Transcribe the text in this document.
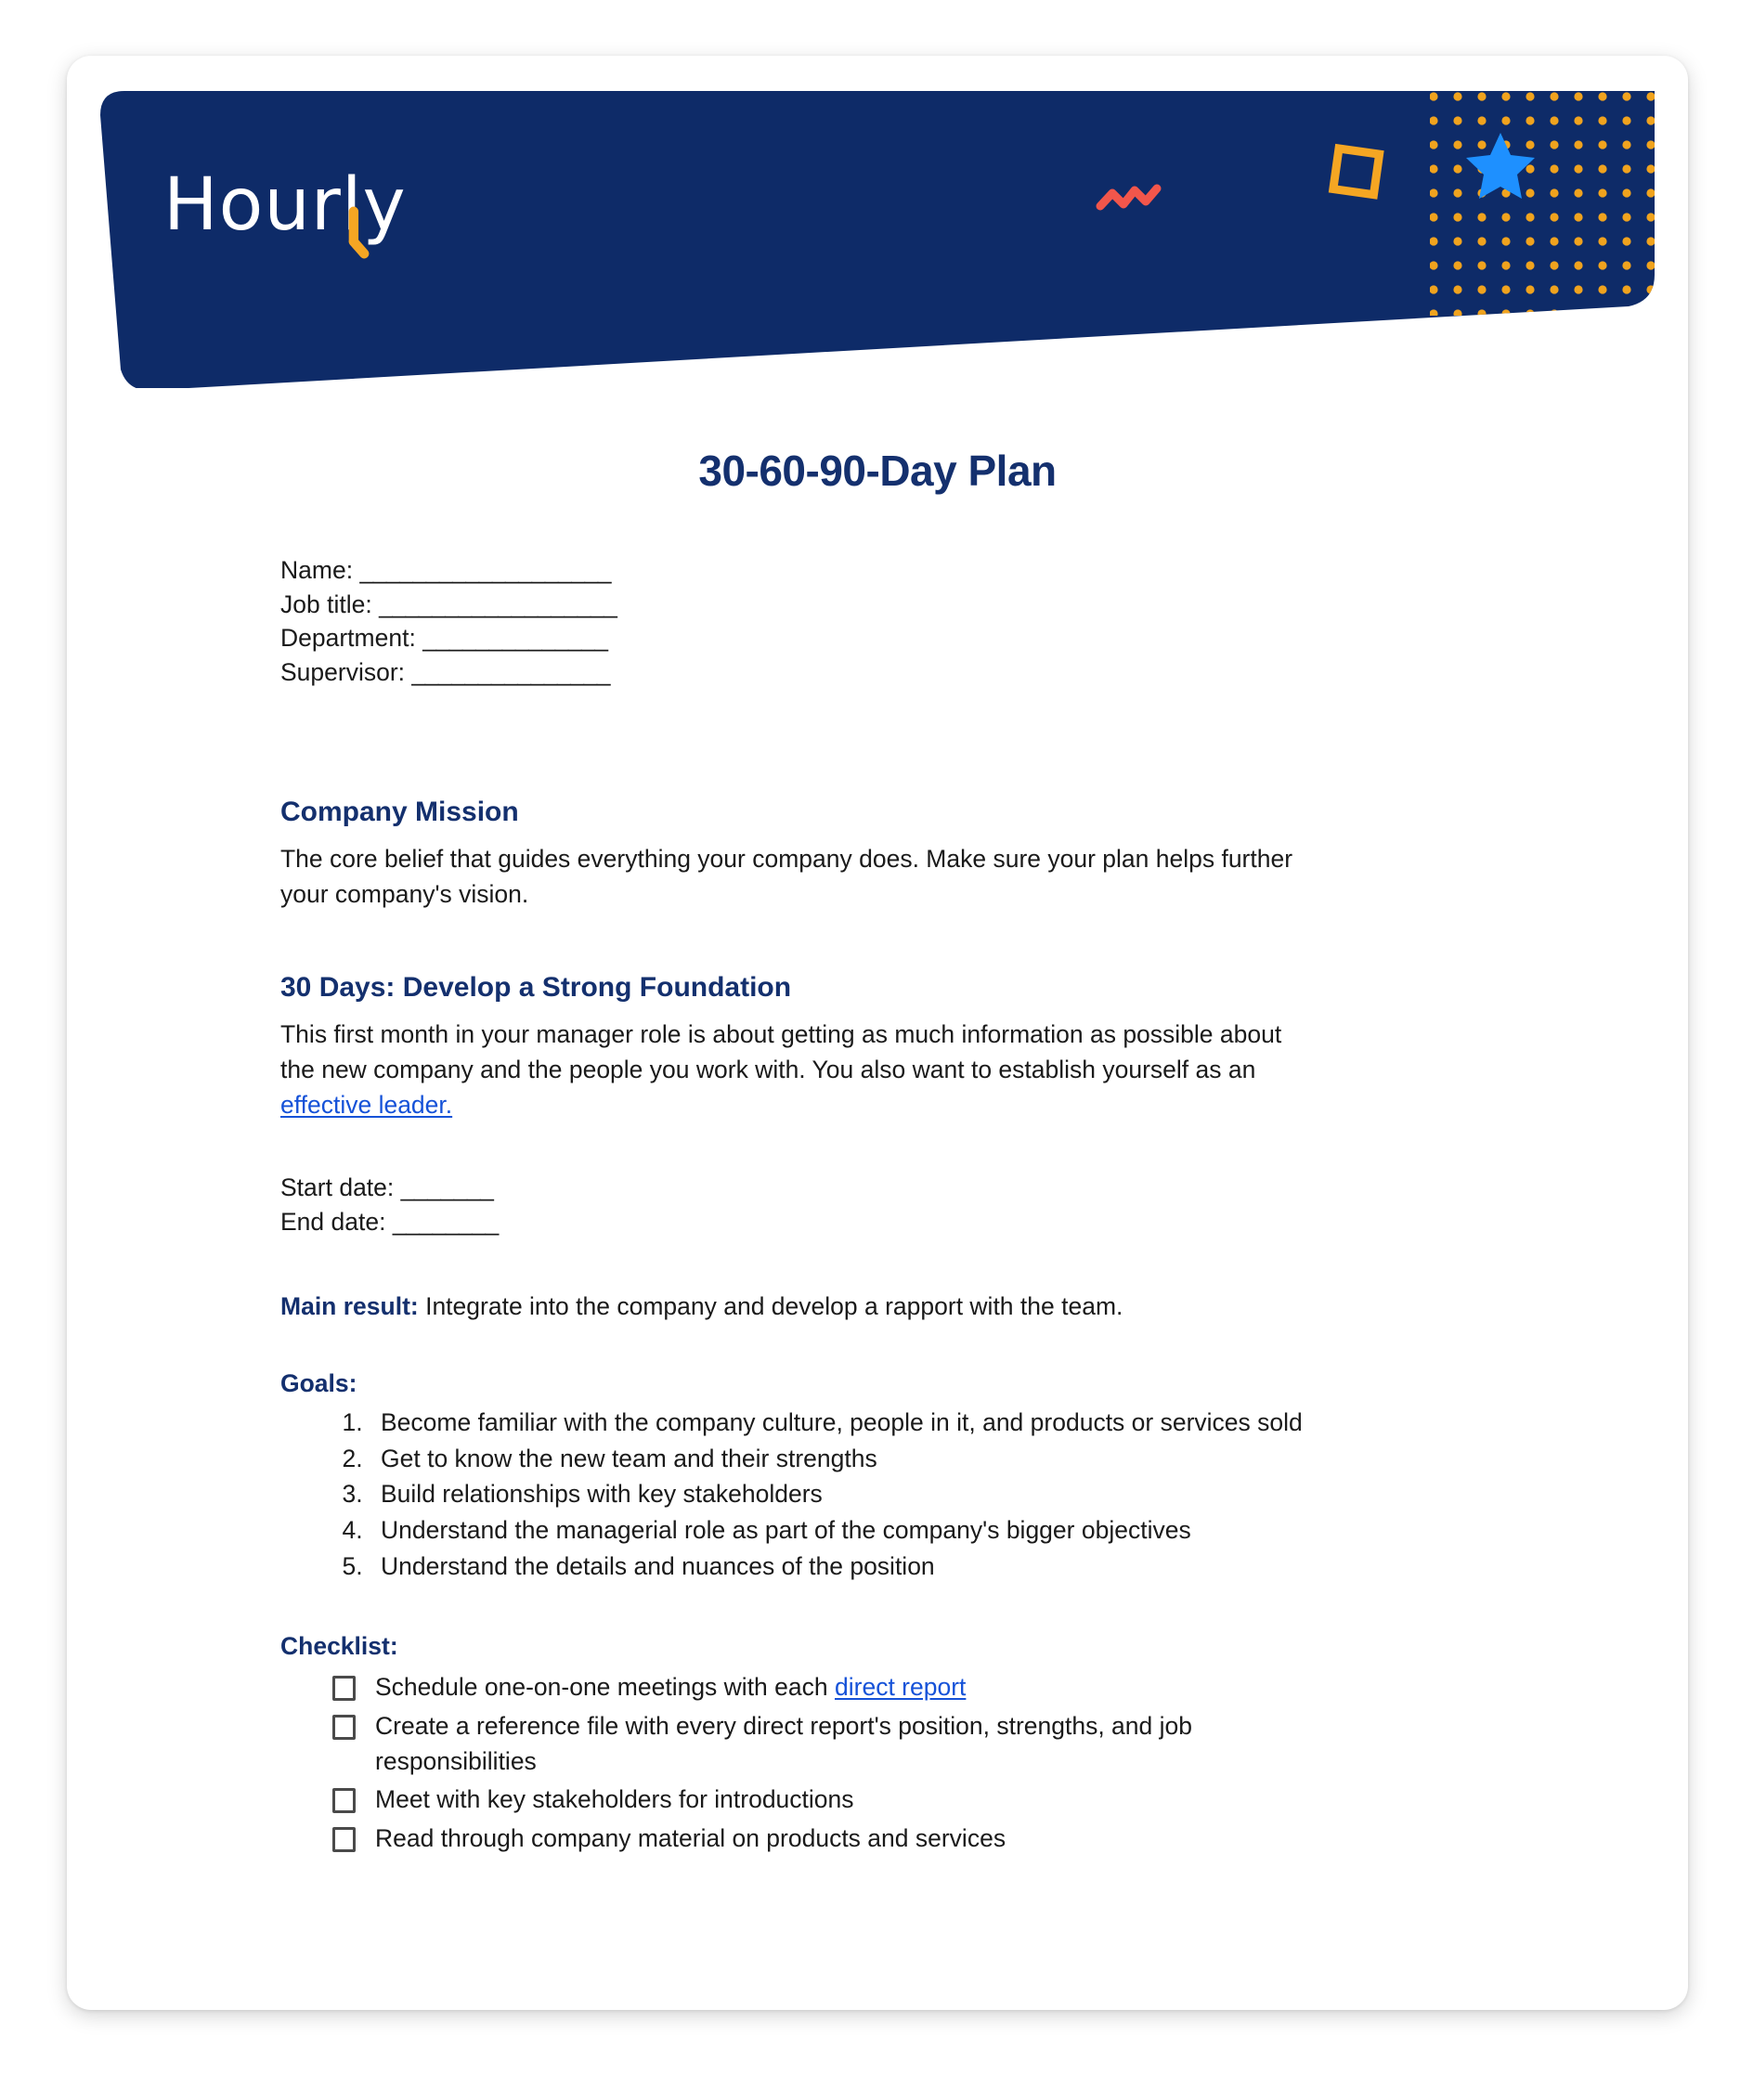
Hourly
30-60-90-Day Plan
Name: ___________________
Job title: __________________
Department: ______________
Supervisor: _______________
Company Mission

The core belief that guides everything your company does. Make sure your plan helps further your company's vision.

30 Days: Develop a Strong Foundation

This first month in your manager role is about getting as much information as possible about the new company and the people you work with. You also want to establish yourself as an effective leader.

Start date: _______
End date: ________
Main result: Integrate into the company and develop a rapport with the team.
Goals:
1. Become familiar with the company culture, people in it, and products or services sold
2. Get to know the new team and their strengths
3. Build relationships with key stakeholders
4. Understand the managerial role as part of the company's bigger objectives
5. Understand the details and nuances of the position
Checklist:
Schedule one-on-one meetings with each direct report
Create a reference file with every direct report's position, strengths, and job responsibilities
Meet with key stakeholders for introductions
Read through company material on products and services
